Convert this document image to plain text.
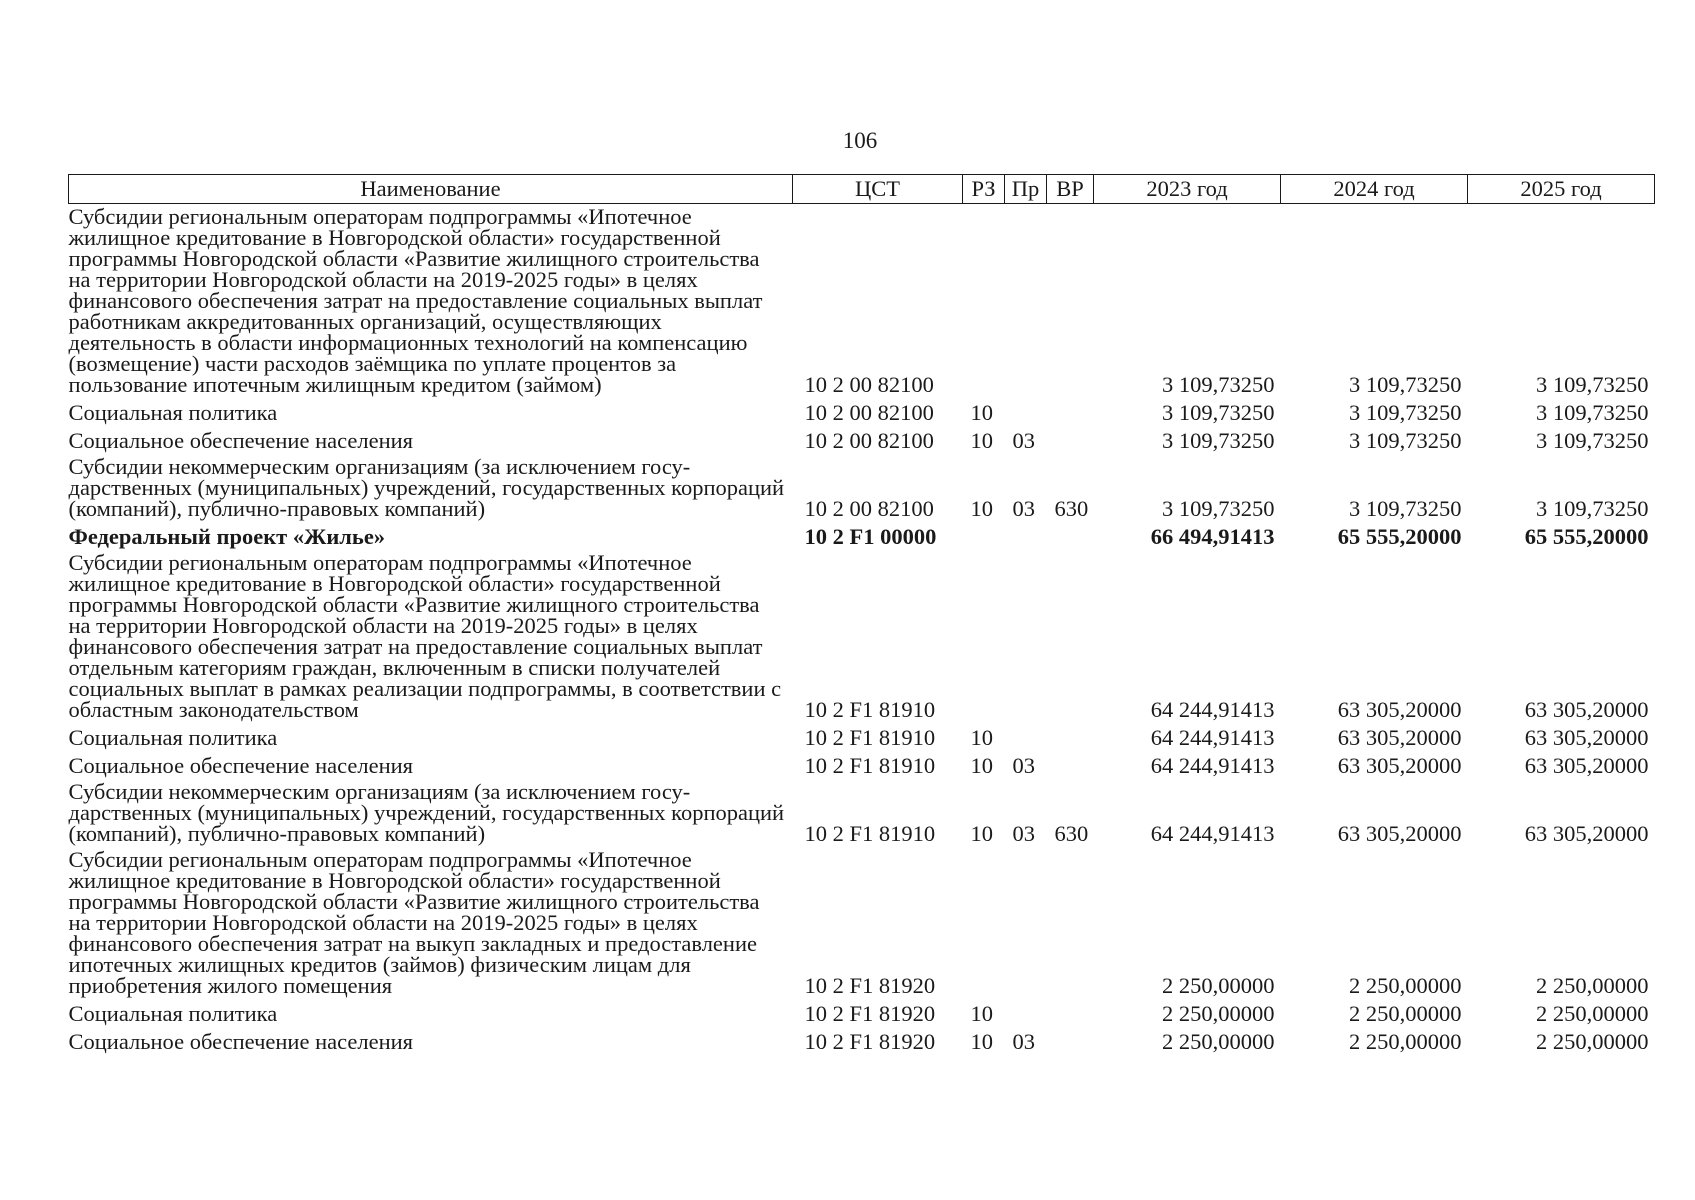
106
Наименование	ЦСТ	РЗ	Пр	ВР	2023 год	2024 год	2025 год
Субсидии региональным операторам подпрограммы «Ипотечное жилищное кредитование в Новгородской области» государственной программы Новгородской области «Развитие жилищного строительства на территории Новгородской области на 2019-2025 годы» в целях финансового обеспечения затрат на предоставление социальных выплат работникам аккредитованных организаций, осуществляющих деятельность в области информационных технологий на компенсацию (возмещение) части расходов заёмщика по уплате процентов за пользование ипотечным жилищным кредитом (займом)	10 2 00 82100				3 109,73250	3 109,73250	3 109,73250
Социальная политика	10 2 00 82100	10			3 109,73250	3 109,73250	3 109,73250
Социальное обеспечение населения	10 2 00 82100	10	03		3 109,73250	3 109,73250	3 109,73250
Субсидии некоммерческим организациям (за исключением государственных (муниципальных) учреждений, государственных корпораций (компаний), публично-правовых компаний)	10 2 00 82100	10	03	630	3 109,73250	3 109,73250	3 109,73250
Федеральный проект «Жилье»	10 2 F1 00000				66 494,91413	65 555,20000	65 555,20000
Субсидии региональным операторам подпрограммы «Ипотечное жилищное кредитование в Новгородской области» государственной программы Новгородской области «Развитие жилищного строительства на территории Новгородской области на 2019-2025 годы» в целях финансового обеспечения затрат на предоставление социальных выплат отдельным категориям граждан, включенным в списки получателей социальных выплат в рамках реализации подпрограммы, в соответствии с областным законодательством	10 2 F1 81910				64 244,91413	63 305,20000	63 305,20000
Социальная политика	10 2 F1 81910	10			64 244,91413	63 305,20000	63 305,20000
Социальное обеспечение населения	10 2 F1 81910	10	03		64 244,91413	63 305,20000	63 305,20000
Субсидии некоммерческим организациям (за исключением государственных (муниципальных) учреждений, государственных корпораций (компаний), публично-правовых компаний)	10 2 F1 81910	10	03	630	64 244,91413	63 305,20000	63 305,20000
Субсидии региональным операторам подпрограммы «Ипотечное жилищное кредитование в Новгородской области» государственной программы Новгородской области «Развитие жилищного строительства на территории Новгородской области на 2019-2025 годы» в целях финансового обеспечения затрат на выкуп закладных и предоставление ипотечных жилищных кредитов (займов) физическим лицам для приобретения жилого помещения	10 2 F1 81920				2 250,00000	2 250,00000	2 250,00000
Социальная политика	10 2 F1 81920	10			2 250,00000	2 250,00000	2 250,00000
Социальное обеспечение населения	10 2 F1 81920	10	03		2 250,00000	2 250,00000	2 250,00000
